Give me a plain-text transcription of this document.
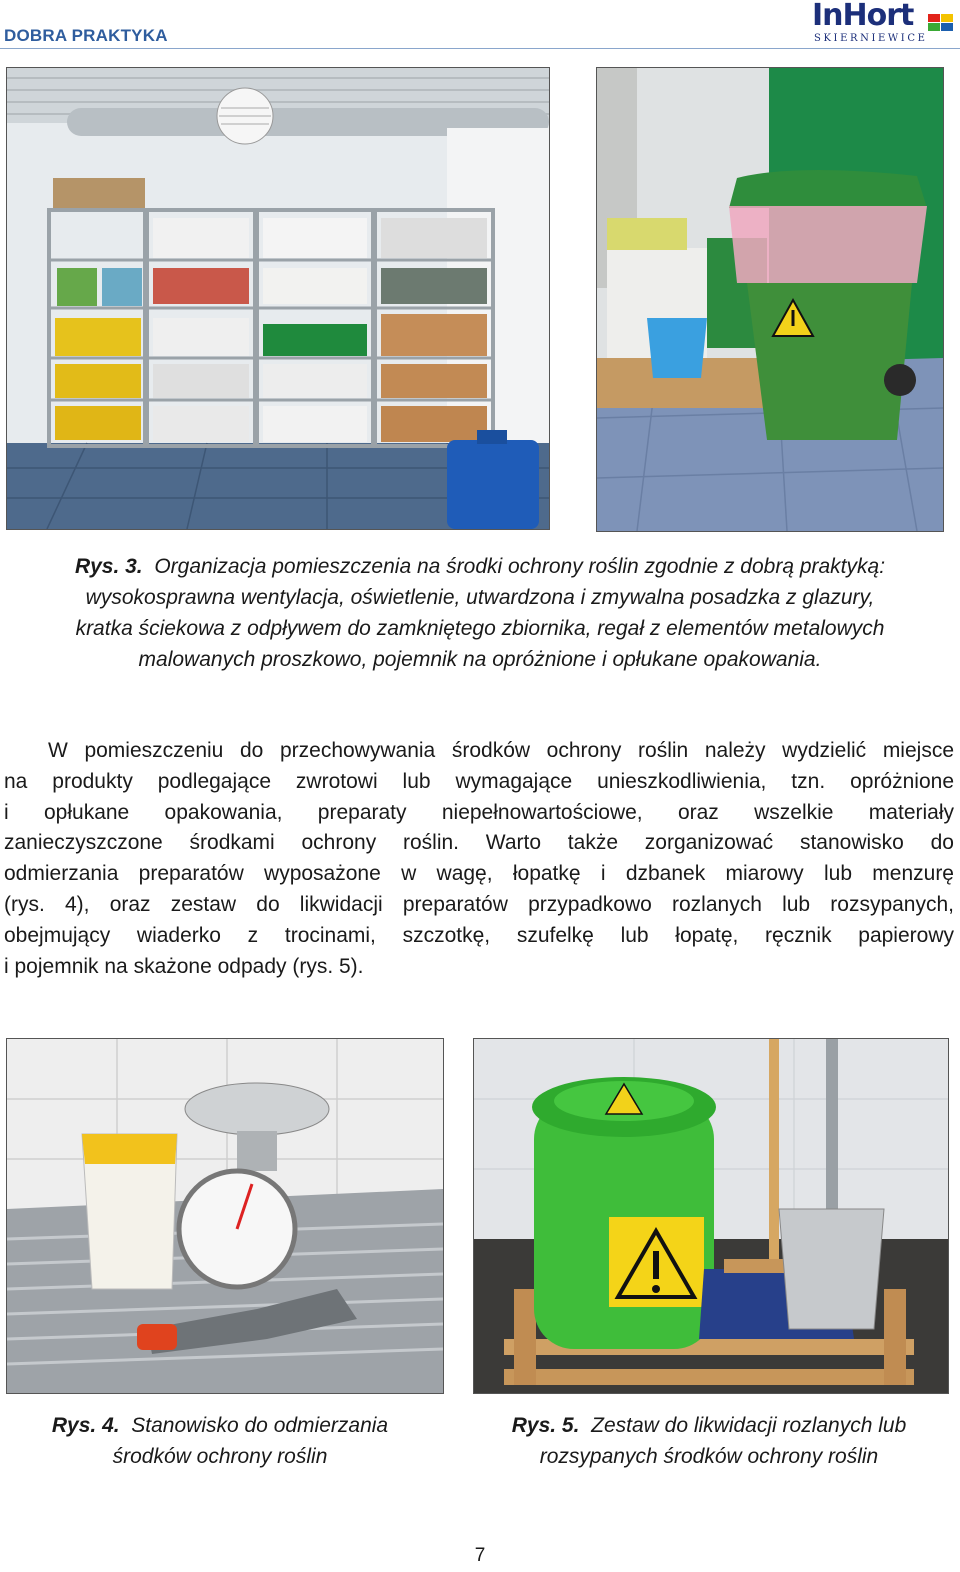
DOBRA PRAKTYKA
InHort
SKIERNIEWICE
Rys. 3. Organizacja pomieszczenia na środki ochrony roślin zgodnie z dobrą praktyką:
wysokosprawna wentylacja, oświetlenie, utwardzona i zmywalna posadzka z glazury,
kratka ściekowa z odpływem do zamkniętego zbiornika, regał z elementów metalowych
malowanych proszkowo, pojemnik na opróżnione i opłukane opakowania.
W pomieszczeniu do przechowywania środków ochrony roślin należy wydzielić miejsce
na produkty podlegające zwrotowi lub wymagające unieszkodliwienia, tzn. opróżnione
i opłukane opakowania, preparaty niepełnowartościowe, oraz wszelkie materiały
zanieczyszczone środkami ochrony roślin. Warto także zorganizować stanowisko do
odmierzania preparatów wyposażone w wagę, łopatkę i dzbanek miarowy lub menzurę
(rys. 4), oraz zestaw do likwidacji preparatów przypadkowo rozlanych lub rozsypanych,
obejmujący wiaderko z trocinami, szczotkę, szufelkę lub łopatę, ręcznik papierowy
i pojemnik na skażone odpady (rys. 5).
Rys. 4. Stanowisko do odmierzania
środków ochrony roślin
Rys. 5. Zestaw do likwidacji rozlanych lub
rozsypanych środków ochrony roślin
7
